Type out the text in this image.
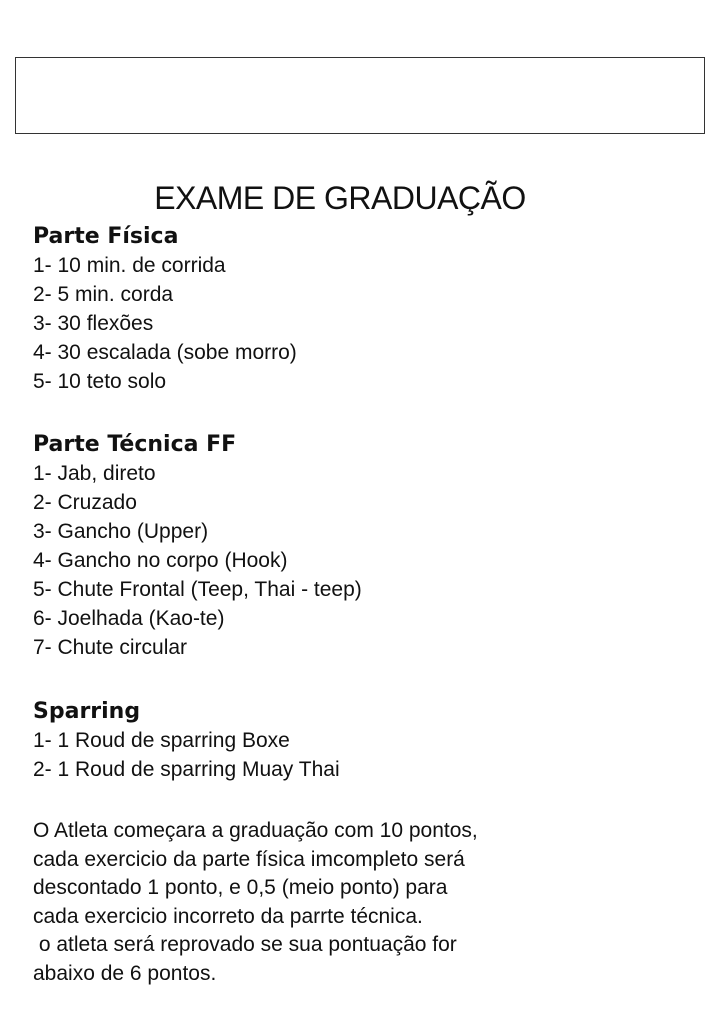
EXAME DE GRADUAÇÃO
Parte Física
1- 10 min. de corrida
2- 5 min. corda
3- 30 flexões
4- 30 escalada (sobe morro)
5- 10 teto solo
Parte Técnica FF
1- Jab, direto
2- Cruzado
3- Gancho (Upper)
4- Gancho no corpo (Hook)
5- Chute Frontal (Teep, Thai - teep)
6- Joelhada (Kao-te)
7- Chute circular
Sparring
1- 1 Roud de sparring Boxe
2- 1 Roud de sparring Muay Thai
O Atleta começara a graduação com 10 pontos,
cada exercicio da parte física imcompleto será
descontado 1 ponto, e 0,5 (meio ponto) para
cada exercicio incorreto da parrte técnica.
o atleta será reprovado se sua pontuação for
abaixo de 6 pontos.
